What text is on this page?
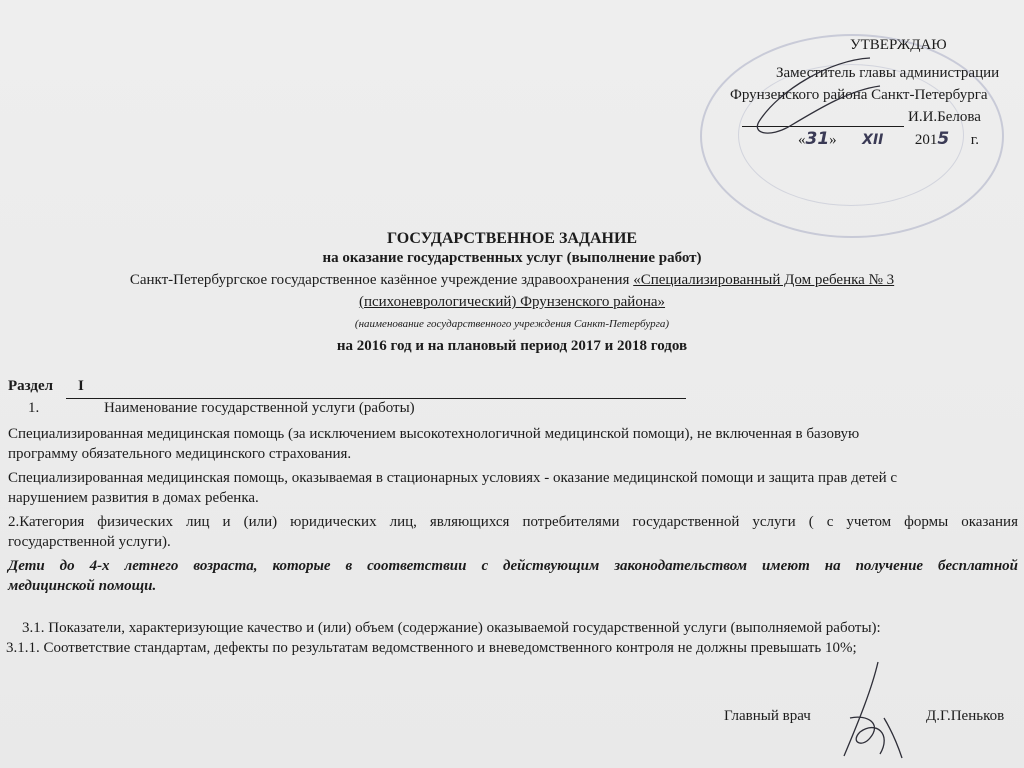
УТВЕРЖДАЮ
Заместитель главы администрации
Фрунзенского района Санкт-Петербурга
И.И.Белова
«31» XII 2015 г.
ГОСУДАРСТВЕННОЕ ЗАДАНИЕ
на оказание государственных услуг (выполнение работ)
Санкт-Петербургское государственное казённое учреждение здравоохранения «Специализированный Дом ребенка № 3
(психоневрологический) Фрунзенского района»
(наименование государственного учреждения Санкт-Петербурга)
на 2016 год и на плановый период 2017 и 2018 годов
Раздел I
1.	Наименование государственной услуги (работы)
Специализированная медицинская помощь (за исключением высокотехнологичной медицинской помощи), не включенная в базовую
программу обязательного медицинского страхования.
Специализированная медицинская помощь, оказываемая в стационарных условиях - оказание медицинской помощи и защита прав детей с
нарушением развития в домах ребенка.
2.Категория физических лиц и (или) юридических лиц, являющихся потребителями государственной услуги ( с учетом формы оказания
государственной услуги).
Дети до 4-х летнего возраста, которые в соответствии с действующим законодательством имеют на получение бесплатной
медицинской помощи.
3.1. Показатели, характеризующие качество и (или) объем (содержание) оказываемой государственной услуги (выполняемой работы):
3.1.1. Соответствие стандартам, дефекты по результатам ведомственного и вневедомственного контроля не должны превышать 10%;
Главный врач	Д.Г.Пеньков
